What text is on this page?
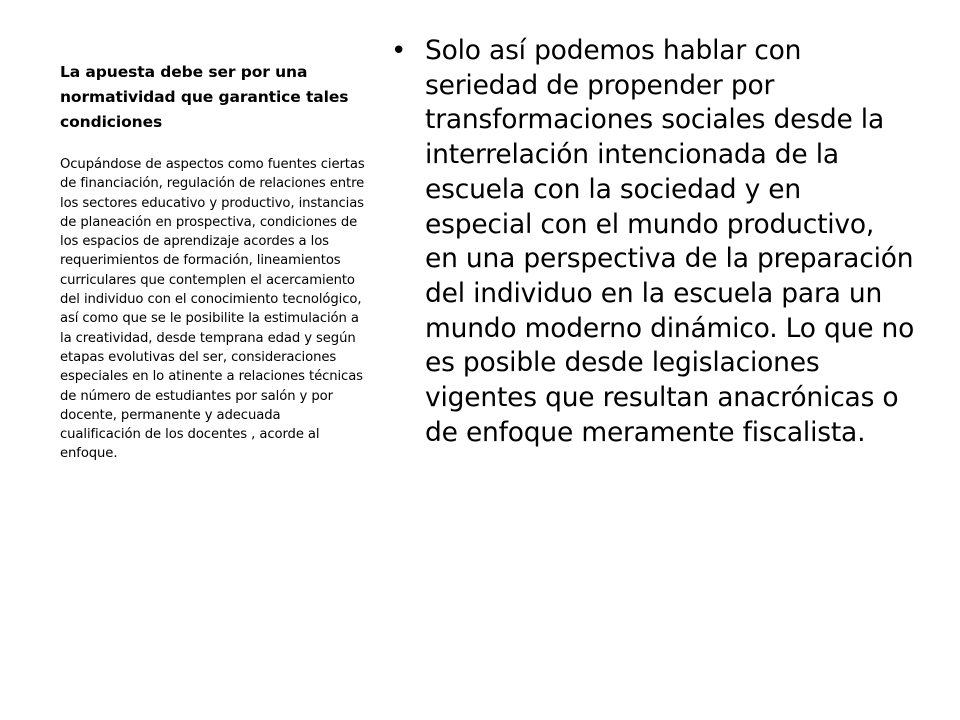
La apuesta debe ser por una normatividad que garantice tales condiciones

Ocupándose de aspectos como fuentes ciertas de financiación, regulación de relaciones entre los sectores educativo y productivo, instancias de planeación en prospectiva, condiciones de los espacios de aprendizaje acordes a los requerimientos de formación, lineamientos curriculares que contemplen el acercamiento del individuo con el conocimiento tecnológico, así como que se le posibilite la estimulación a la creatividad, desde temprana edad y según etapas evolutivas del ser, consideraciones especiales en lo atinente a relaciones técnicas de número de estudiantes por salón y por docente, permanente y adecuada cualificación de los docentes , acorde al enfoque.

• Solo así podemos hablar con seriedad de propender por transformaciones sociales desde la interrelación intencionada de la escuela con la sociedad y en especial con el mundo productivo, en una perspectiva de la preparación del individuo en la escuela para un mundo moderno dinámico. Lo que no es posible desde legislaciones vigentes que resultan anacrónicas o de enfoque meramente fiscalista.
